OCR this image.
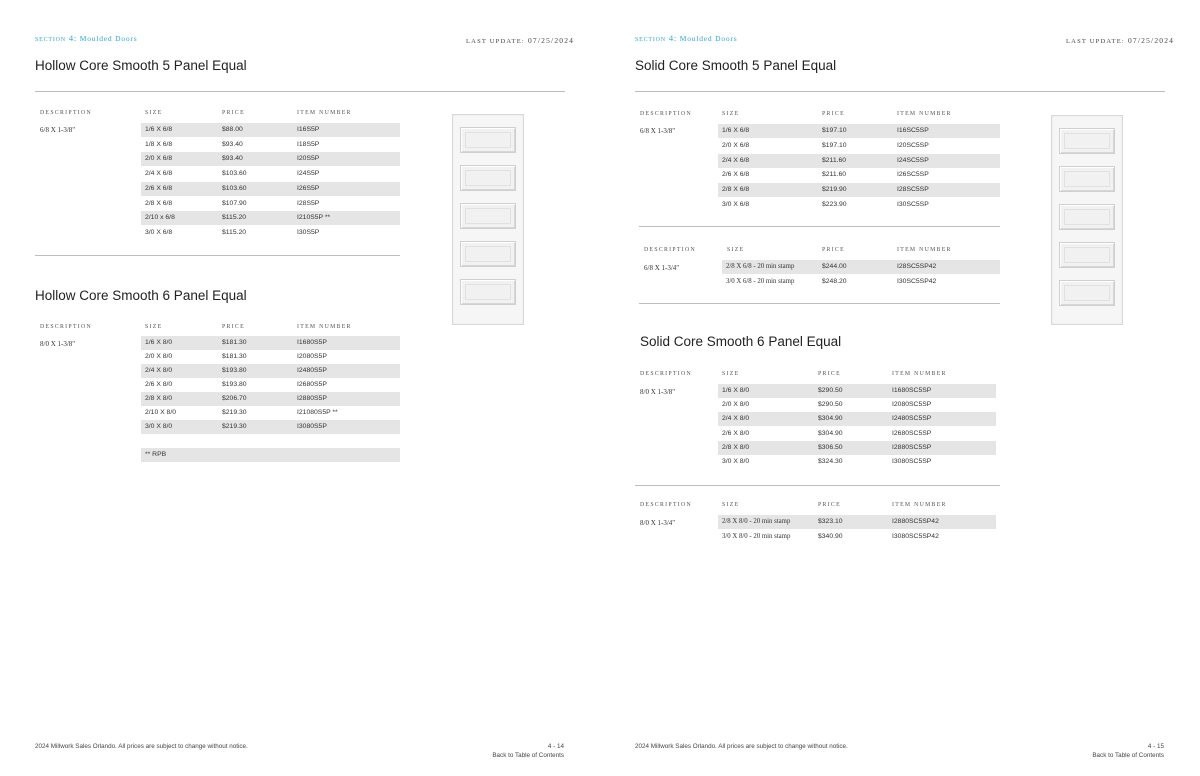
section 4: Moulded Doors	LAST UPDATE: 07/25/2024
Hollow Core Smooth 5 Panel Equal
DESCRIPTION	SIZE	PRICE	ITEM NUMBER
6/8 X 1-3/8"	1/6 X 6/8	$88.00	I16S5P
1/8 X 6/8	$93.40	I18S5P
2/0 X 6/8	$93.40	I20S5P
2/4 X 6/8	$103.60	I24S5P
2/6 X 6/8	$103.60	I26S5P
2/8 X 6/8	$107.90	I28S5P
2/10 x 6/8	$115.20	I210S5P **
3/0 X 6/8	$115.20	I30S5P
Hollow Core Smooth 6 Panel Equal
DESCRIPTION	SIZE	PRICE	ITEM NUMBER
8/0 X 1-3/8"	1/6 X 8/0	$181.30	I1680S5P
2/0 X 8/0	$181.30	I2080S5P
2/4 X 8/0	$193.80	I2480S5P
2/6 X 8/0	$193.80	I2680S5P
2/8 X 8/0	$206.70	I2880S5P
2/10 X 8/0	$219.30	I21080S5P **
3/0 X 8/0	$219.30	I3080S5P
** RPB
2024 Millwork Sales Orlando. All prices are subject to change without notice.	4 - 14
Back to Table of Contents
section 4: Moulded Doors	LAST UPDATE: 07/25/2024
Solid Core Smooth 5 Panel Equal
DESCRIPTION	SIZE	PRICE	ITEM NUMBER
6/8 X 1-3/8"	1/6 X 6/8	$197.10	I16SC5SP
2/0 X 6/8	$197.10	I20SC5SP
2/4 X 6/8	$211.60	I24SC5SP
2/6 X 6/8	$211.60	I26SC5SP
2/8 X 6/8	$219.90	I28SC5SP
3/0 X 6/8	$223.90	I30SC5SP
DESCRIPTION	SIZE	PRICE	ITEM NUMBER
6/8 X 1-3/4"	2/8 X 6/8 - 20 min stamp	$244.00	I28SC5SP42
3/0 X 6/8 - 20 min stamp	$248.20	I30SC5SP42
Solid Core Smooth 6 Panel Equal
DESCRIPTION	SIZE	PRICE	ITEM NUMBER
8/0 X 1-3/8"	1/6 X 8/0	$290.50	I1680SC5SP
2/0 X 8/0	$290.50	I2080SC5SP
2/4 X 8/0	$304.90	I2480SC5SP
2/6 X 8/0	$304.90	I2680SC5SP
2/8 X 8/0	$306.50	I2880SC5SP
3/0 X 8/0	$324.30	I3080SC5SP
DESCRIPTION	SIZE	PRICE	ITEM NUMBER
8/0 X 1-3/4"	2/8 X 8/0 - 20 min stamp	$323.10	I2880SC5SP42
3/0 X 8/0 - 20 min stamp	$340.90	I3080SC5SP42
2024 Millwork Sales Orlando. All prices are subject to change without notice.	4 - 15
Back to Table of Contents
